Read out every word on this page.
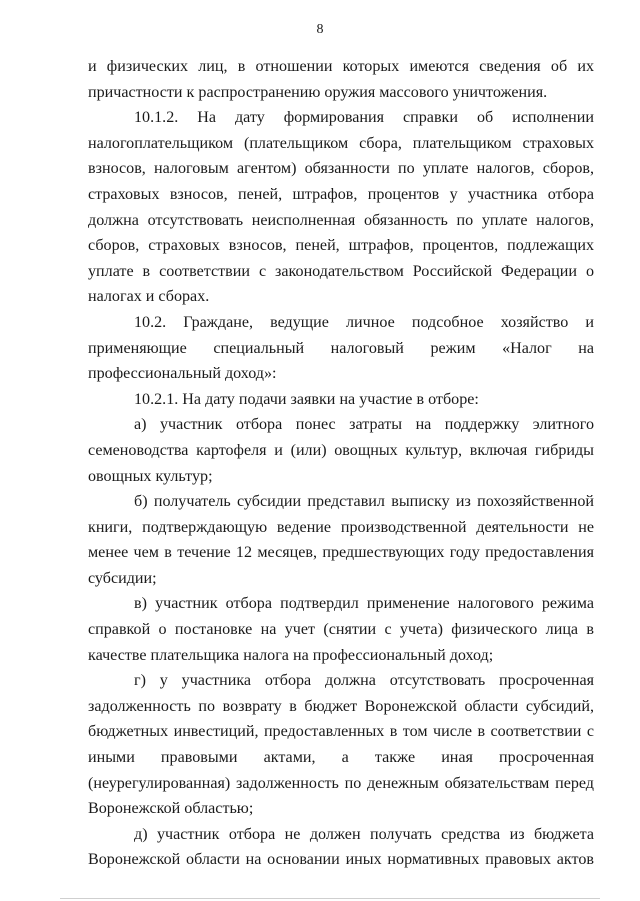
8

и физических лиц, в отношении которых имеются сведения об их причастности к распространению оружия массового уничтожения.

10.1.2. На дату формирования справки об исполнении налогоплательщиком (плательщиком сбора, плательщиком страховых взносов, налоговым агентом) обязанности по уплате налогов, сборов, страховых взносов, пеней, штрафов, процентов у участника отбора должна отсутствовать неисполненная обязанность по уплате налогов, сборов, страховых взносов, пеней, штрафов, процентов, подлежащих уплате в соответствии с законодательством Российской Федерации о налогах и сборах.

10.2. Граждане, ведущие личное подсобное хозяйство и применяющие специальный налоговый режим «Налог на профессиональный доход»:

10.2.1. На дату подачи заявки на участие в отборе:

а) участник отбора понес затраты на поддержку элитного семеноводства картофеля и (или) овощных культур, включая гибриды овощных культур;

б) получатель субсидии представил выписку из похозяйственной книги, подтверждающую ведение производственной деятельности не менее чем в течение 12 месяцев, предшествующих году предоставления субсидии;

в) участник отбора подтвердил применение налогового режима справкой о постановке на учет (снятии с учета) физического лица в качестве плательщика налога на профессиональный доход;

г) у участника отбора должна отсутствовать просроченная задолженность по возврату в бюджет Воронежской области субсидий, бюджетных инвестиций, предоставленных в том числе в соответствии с иными правовыми актами, а также иная просроченная (неурегулированная) задолженность по денежным обязательствам перед Воронежской областью;

д) участник отбора не должен получать средства из бюджета Воронежской области на основании иных нормативных правовых актов
